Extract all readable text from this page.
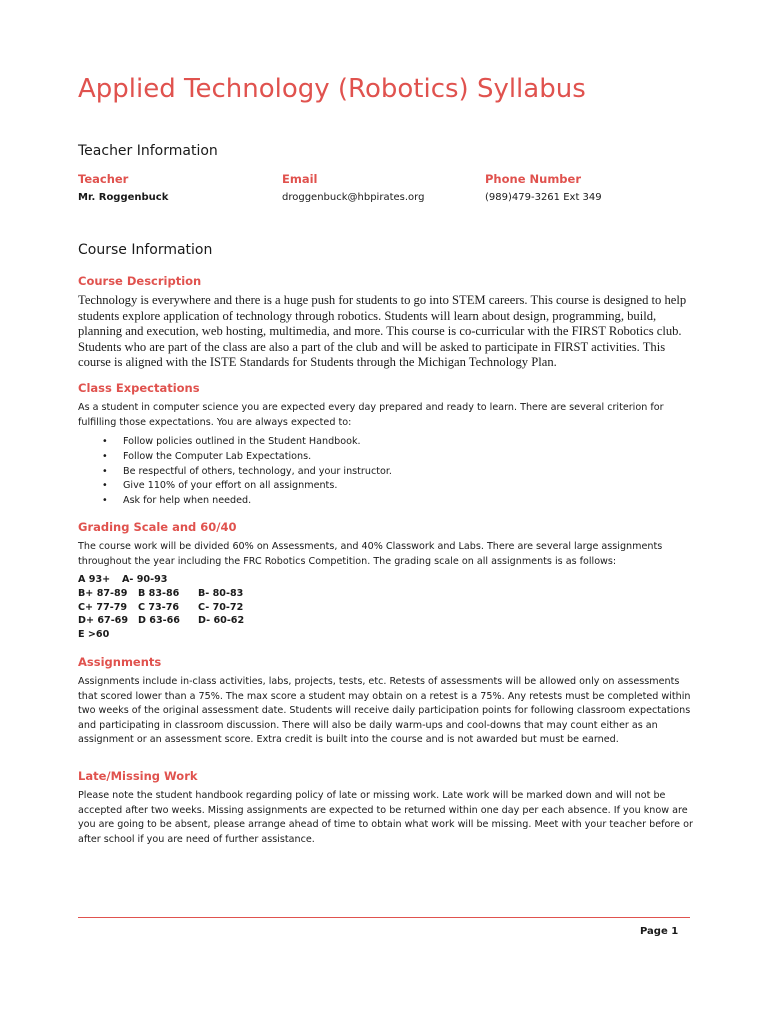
Applied Technology (Robotics) Syllabus
Teacher Information
Teacher	Email	Phone Number
Mr. Roggenbuck	droggenbuck@hbpirates.org	(989)479-3261 Ext 349
Course Information
Course Description

Technology is everywhere and there is a huge push for students to go into STEM careers. This course is designed to help students explore application of technology through robotics. Students will learn about design, programming, build, planning and execution, web hosting, multimedia, and more. This course is co-curricular with the FIRST Robotics club. Students who are part of the class are also a part of the club and will be asked to participate in FIRST activities. This course is aligned with the ISTE Standards for Students through the Michigan Technology Plan.

Class Expectations

As a student in computer science you are expected every day prepared and ready to learn. There are several criterion for fulfilling those expectations. You are always expected to:

• Follow policies outlined in the Student Handbook.
• Follow the Computer Lab Expectations.
• Be respectful of others, technology, and your instructor.
• Give 110% of your effort on all assignments.
• Ask for help when needed.
Grading Scale and 60/40

The course work will be divided 60% on Assessments, and 40% Classwork and Labs. There are several large assignments throughout the year including the FRC Robotics Competition. The grading scale on all assignments is as follows:

A 93+ A- 90-93
B+ 87-89 B 83-86 B- 80-83
C+ 77-79 C 73-76 C- 70-72
D+ 67-69 D 63-66 D- 60-62
E >60
Assignments

Assignments include in-class activities, labs, projects, tests, etc. Retests of assessments will be allowed only on assessments that scored lower than a 75%. The max score a student may obtain on a retest is a 75%. Any retests must be completed within two weeks of the original assessment date. Students will receive daily participation points for following classroom expectations and participating in classroom discussion. There will also be daily warm-ups and cool-downs that may count either as an assignment or an assessment score. Extra credit is built into the course and is not awarded but must be earned.

Late/Missing Work

Please note the student handbook regarding policy of late or missing work. Late work will be marked down and will not be accepted after two weeks. Missing assignments are expected to be returned within one day per each absence. If you know are you are going to be absent, please arrange ahead of time to obtain what work will be missing. Meet with your teacher before or after school if you are need of further assistance.

Page 1
